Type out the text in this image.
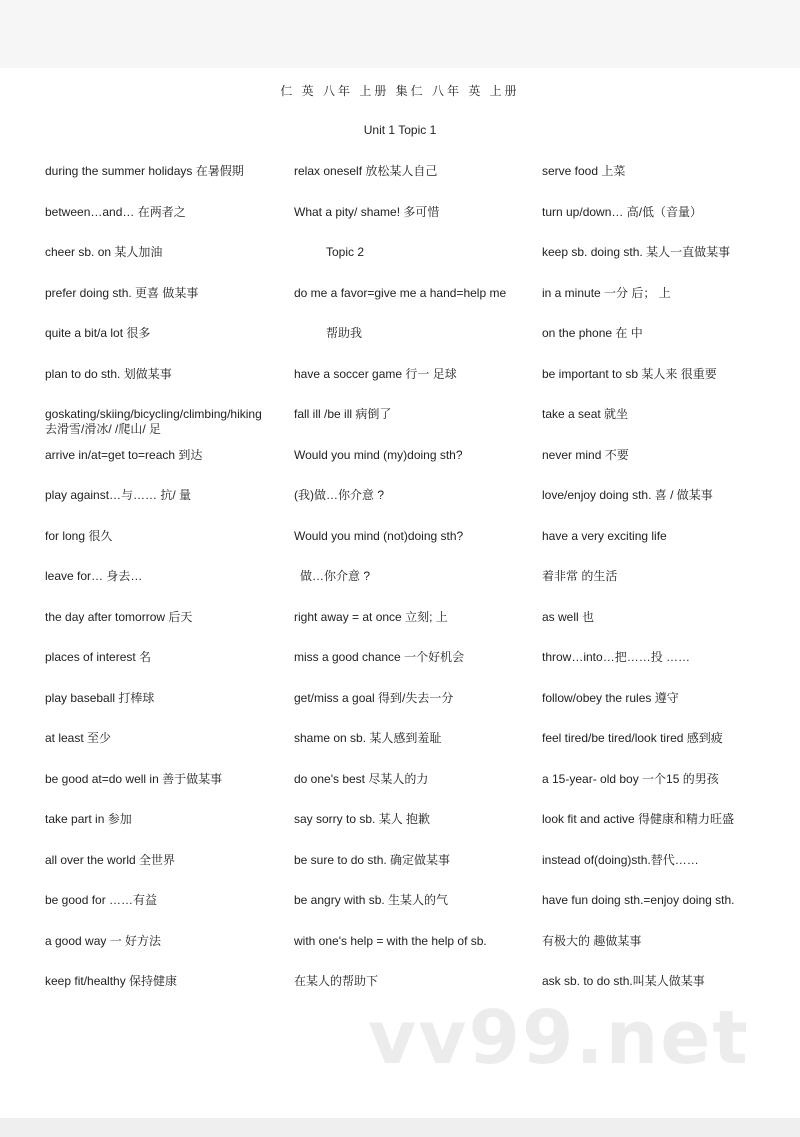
仁 英 八年 上册 集仁 八年 英 上册
Unit 1 Topic 1
during the summer holidays 在暑假期
between…and… 在两者之
cheer sb. on 某人加油
prefer doing sth. 更喜 做某事
quite a bit/a lot 很多
plan to do sth. 划做某事
goskating/skiing/bicycling/climbing/hiking 去滑雪/滑冰/ /爬山/ 足
arrive in/at=get to=reach 到达
play against…与…… 抗/ 量
for long 很久
leave for… 身去…
the day after tomorrow 后天
places of interest 名
play baseball 打棒球
at least 至少
be good at=do well in 善于做某事
take part in 参加
all over the world 全世界
be good for ……有益
a good way 一 好方法
keep fit/healthy 保持健康
relax oneself 放松某人自己
What a pity/ shame! 多可惜
Topic 2
do me a favor=give me a hand=help me
帮助我
have a soccer game 行一 足球
fall ill /be ill 病倒了
Would you mind (my)doing sth?
(我)做…你介意 ?
Would you mind (not)doing sth?
做…你介意 ?
right away = at once 立刻; 上
miss a good chance 一个好机会
get/miss a goal 得到/失去一分
shame on sb. 某人感到羞耻
do one's best 尽某人的力
say sorry to sb. 某人 抱歉
be sure to do sth. 确定做某事
be angry with sb. 生某人的气
with one's help = with the help of sb.
在某人的帮助下
serve food 上菜
turn up/down… 高/低（音量）
keep sb. doing sth. 某人一直做某事
in a minute 一分 后； 上
on the phone 在 中
be important to sb 某人来 很重要
take a seat 就坐
never mind 不要
love/enjoy doing sth. 喜 / 做某事
have a very exciting life
着非常 的生活
as well 也
throw…into…把……投 ……
follow/obey the rules 遵守
feel tired/be tired/look tired 感到疲
a 15-year- old boy 一个15 的男孩
look fit and active 得健康和精力旺盛
instead of(doing)sth.替代……
have fun doing sth.=enjoy doing sth.
有极大的 趣做某事
ask sb. to do sth.叫某人做某事
vv99.net
